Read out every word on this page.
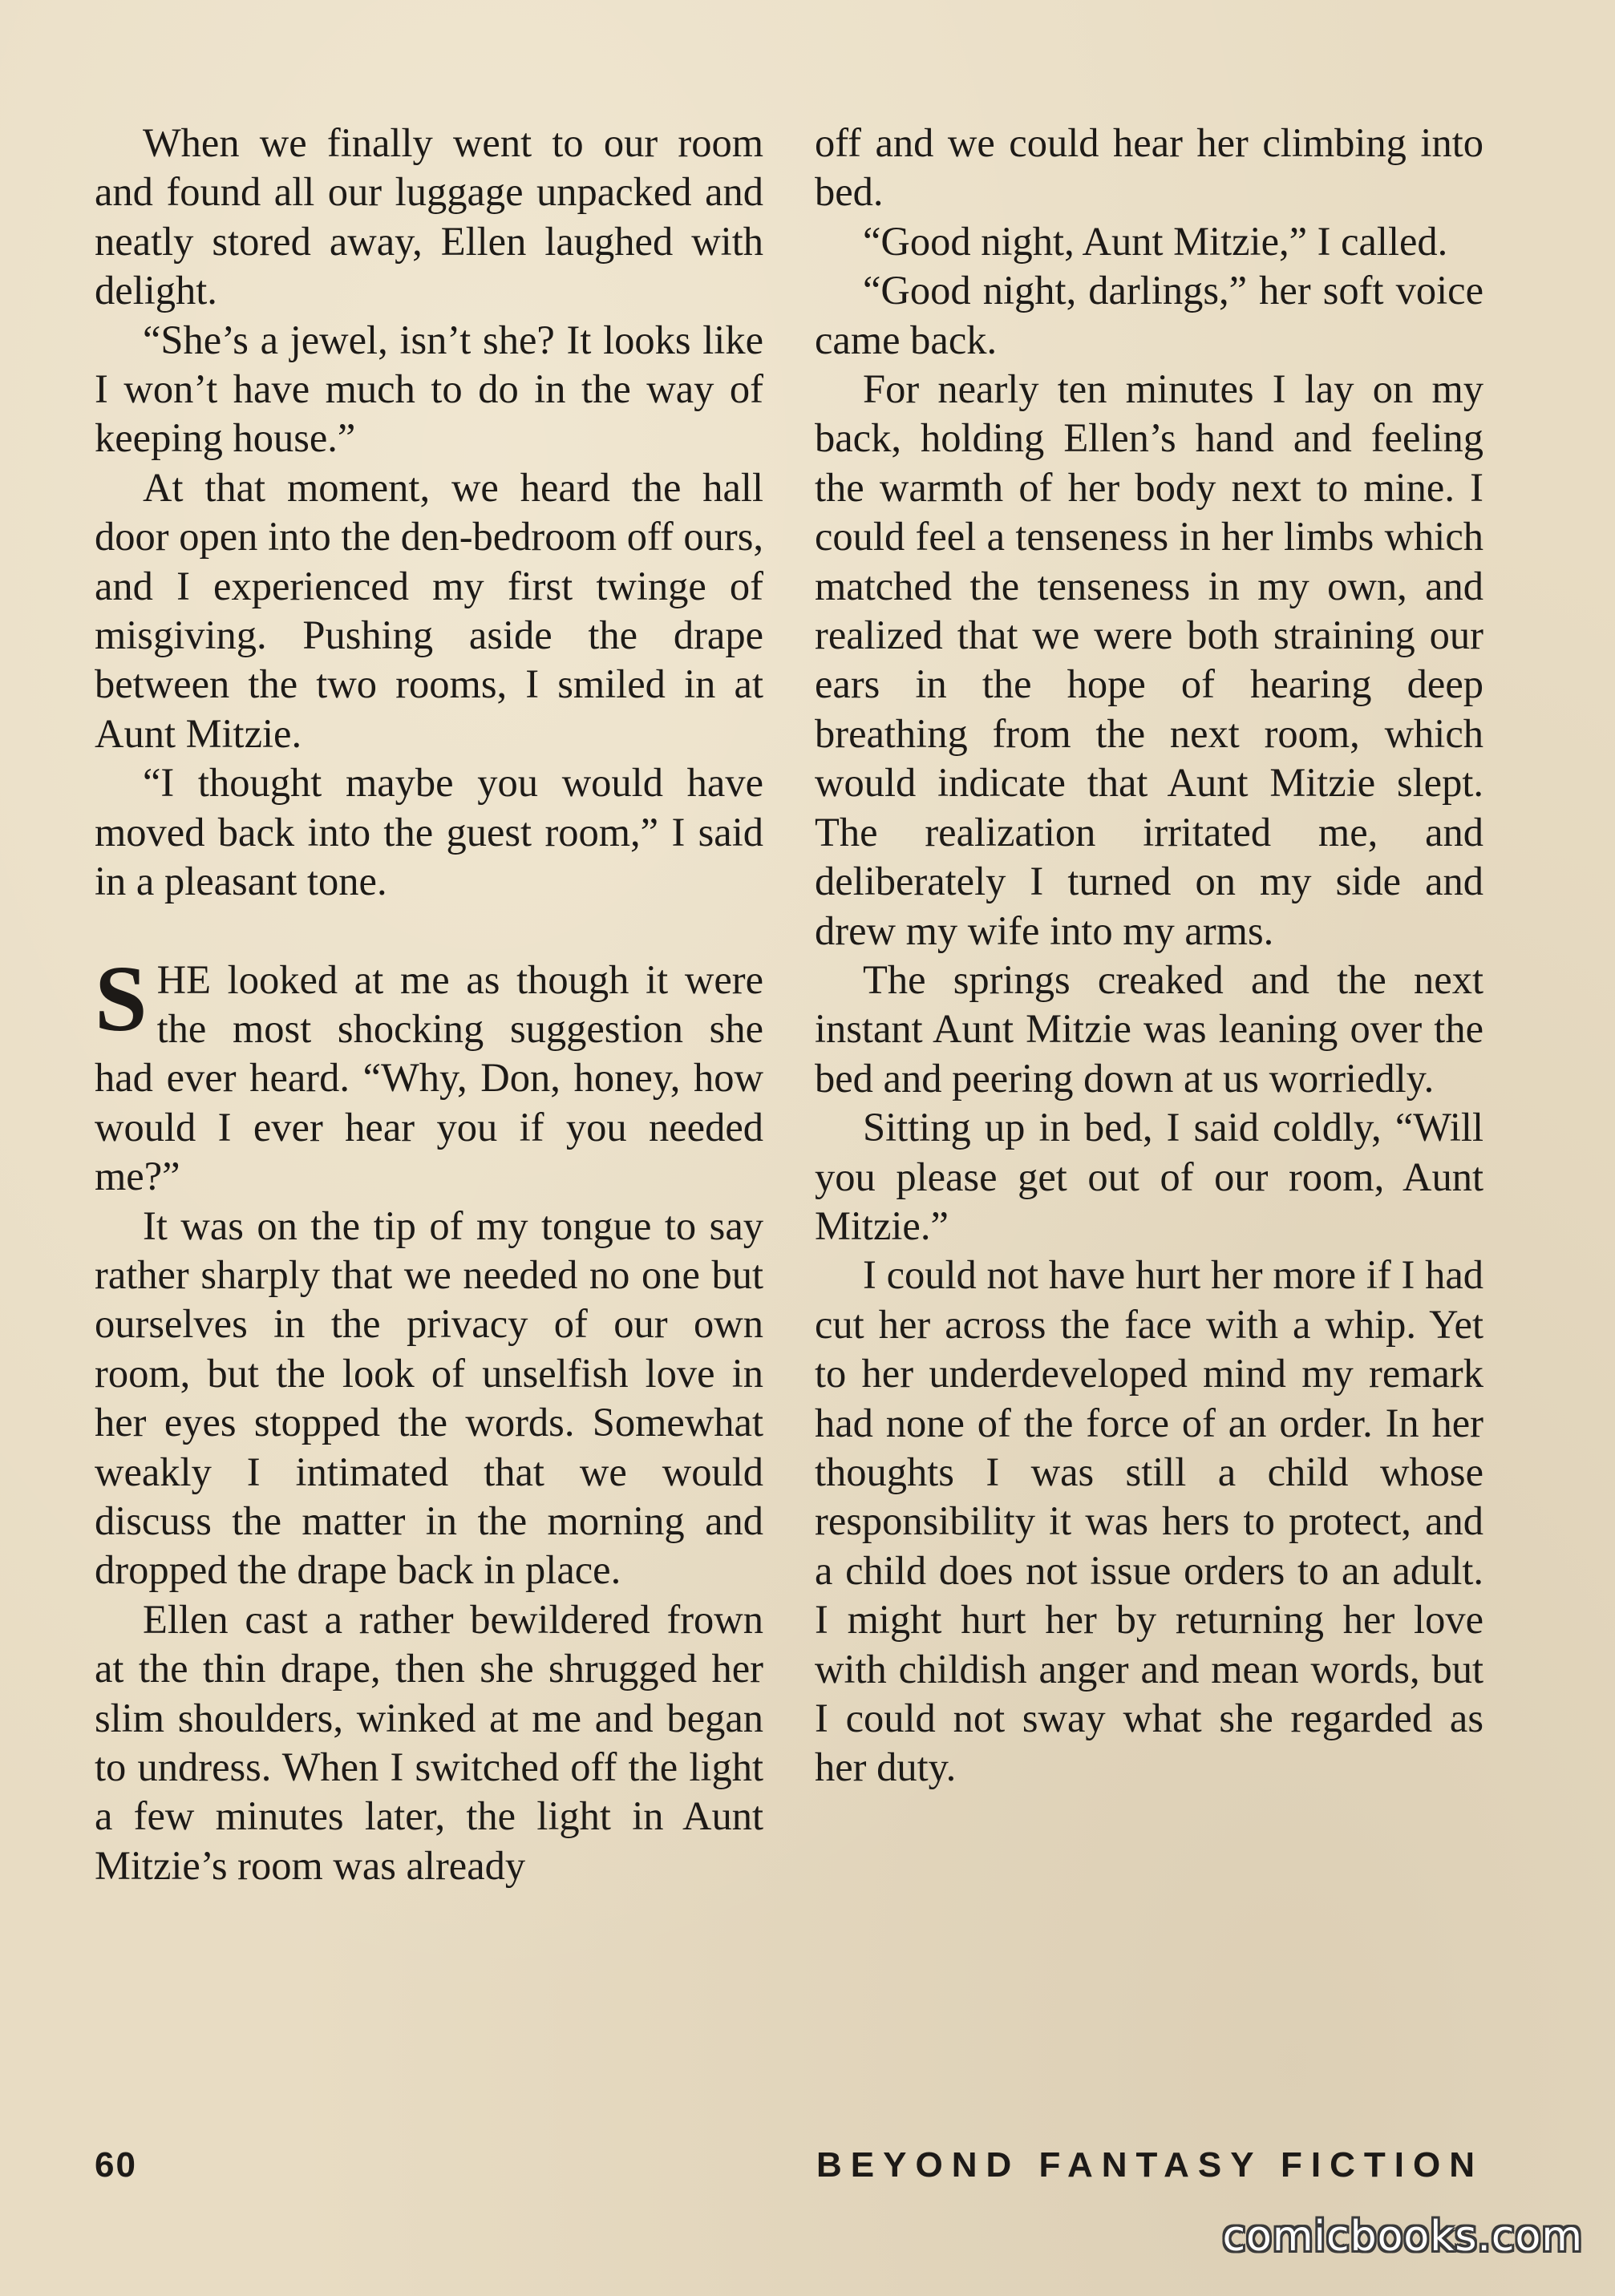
When we finally went to our room and found all our luggage unpacked and neatly stored away, Ellen laughed with delight.

“She’s a jewel, isn’t she? It looks like I won’t have much to do in the way of keeping house.”

At that moment, we heard the hall door open into the den-bedroom off ours, and I experienced my first twinge of misgiving. Pushing aside the drape between the two rooms, I smiled in at Aunt Mitzie.

“I thought maybe you would have moved back into the guest room,” I said in a pleasant tone.

SHE looked at me as though it were the most shocking suggestion she had ever heard. “Why, Don, honey, how would I ever hear you if you needed me?”

It was on the tip of my tongue to say rather sharply that we needed no one but ourselves in the privacy of our own room, but the look of unselfish love in her eyes stopped the words. Somewhat weakly I intimated that we would discuss the matter in the morning and dropped the drape back in place.

Ellen cast a rather bewildered frown at the thin drape, then she shrugged her slim shoulders, winked at me and began to undress. When I switched off the light a few minutes later, the light in Aunt Mitzie’s room was already

off and we could hear her climbing into bed.

“Good night, Aunt Mitzie,” I called.

“Good night, darlings,” her soft voice came back.

For nearly ten minutes I lay on my back, holding Ellen’s hand and feeling the warmth of her body next to mine. I could feel a tenseness in her limbs which matched the tenseness in my own, and realized that we were both straining our ears in the hope of hearing deep breathing from the next room, which would indicate that Aunt Mitzie slept. The realization irritated me, and deliberately I turned on my side and drew my wife into my arms.

The springs creaked and the next instant Aunt Mitzie was leaning over the bed and peering down at us worriedly.

Sitting up in bed, I said coldly, “Will you please get out of our room, Aunt Mitzie.”

I could not have hurt her more if I had cut her across the face with a whip. Yet to her underdeveloped mind my remark had none of the force of an order. In her thoughts I was still a child whose responsibility it was hers to protect, and a child does not issue orders to an adult. I might hurt her by returning her love with childish anger and mean words, but I could not sway what she regarded as her duty.

60	BEYOND FANTASY FICTION
comicbooks.com
